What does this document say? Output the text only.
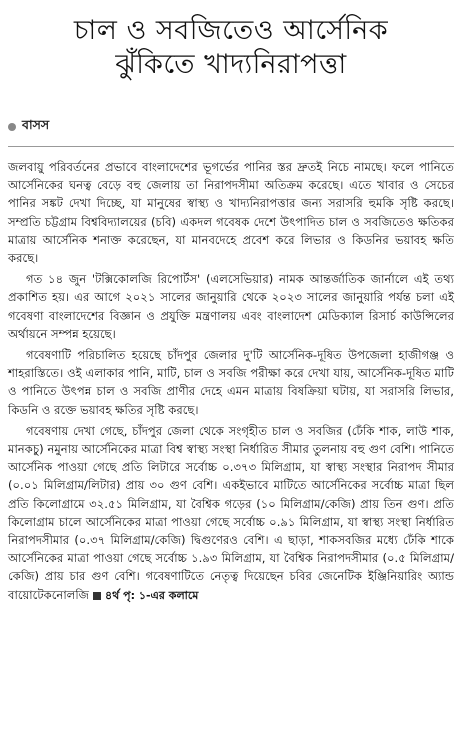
চাল ও সবজিতেও আর্সেনিক
ঝুঁকিতে খাদ্যনিরাপত্তা
বাসস

জলবায়ু পরিবর্তনের প্রভাবে বাংলাদেশের ভূগর্ভের পানির স্তর দ্রুতই নিচে নামছে। ফলে পানিতে আর্সেনিকের ঘনত্ব বেড়ে বহু জেলায় তা নিরাপদসীমা অতিক্রম করেছে। এতে খাবার ও সেচের পানির সঙ্কট দেখা দিচ্ছে, যা মানুষের স্বাস্থ্য ও খাদ্যনিরাপত্তার জন্য সরাসরি হুমকি সৃষ্টি করছে। সম্প্রতি চট্টগ্রাম বিশ্ববিদ্যালয়ের (চবি) একদল গবেষক দেশে উৎপাদিত চাল ও সবজিতেও ক্ষতিকর মাত্রায় আর্সেনিক শনাক্ত করেছেন, যা মানবদেহে প্রবেশ করে লিভার ও কিডনির ভয়াবহ ক্ষতি করছে।

গত ১৪ জুন 'টক্সিকোলজি রিপোর্টস' (এলসেভিয়ার) নামক আন্তর্জাতিক জার্নালে এই তথ্য প্রকাশিত হয়। এর আগে ২০২১ সালের জানুয়ারি থেকে ২০২৩ সালের জানুয়ারি পর্যন্ত চলা এই গবেষণা বাংলাদেশের বিজ্ঞান ও প্রযুক্তি মন্ত্রণালয় এবং বাংলাদেশ মেডিক্যাল রিসার্চ কাউন্সিলের অর্থায়নে সম্পন্ন হয়েছে।

গবেষণাটি পরিচালিত হয়েছে চাঁদপুর জেলার দু'টি আর্সেনিক-দূষিত উপজেলা হাজীগঞ্জ ও শাহরাস্তিতে। ওই এলাকার পানি, মাটি, চাল ও সবজি পরীক্ষা করে দেখা যায়, আর্সেনিক-দূষিত মাটি ও পানিতে উৎপন্ন চাল ও সবজি প্রাণীর দেহে এমন মাত্রায় বিষক্রিয়া ঘটায়, যা সরাসরি লিভার, কিডনি ও রক্তে ভয়াবহ ক্ষতির সৃষ্টি করছে।

গবেষণায় দেখা গেছে, চাঁদপুর জেলা থেকে সংগৃহীত চাল ও সবজির (ঢেঁকি শাক, লাউ শাক, মানকচু) নমুনায় আর্সেনিকের মাত্রা বিশ্ব স্বাস্থ্য সংস্থা নির্ধারিত সীমার তুলনায় বহু গুণ বেশি। পানিতে আর্সেনিক পাওয়া গেছে প্রতি লিটারে সর্বোচ্চ ০.৩৭৩ মিলিগ্রাম, যা স্বাস্থ্য সংস্থার নিরাপদ সীমার (০.০১ মিলিগ্রাম/লিটার) প্রায় ৩০ গুণ বেশি। একইভাবে মাটিতে আর্সেনিকের সর্বোচ্চ মাত্রা ছিল প্রতি কিলোগ্রামে ৩২.৫১ মিলিগ্রাম, যা বৈশ্বিক গড়ের (১০ মিলিগ্রাম/কেজি) প্রায় তিন গুণ। প্রতি কিলোগ্রাম চালে আর্সেনিকের মাত্রা পাওয়া গেছে সর্বোচ্চ ০.৯১ মিলিগ্রাম, যা স্বাস্থ্য সংস্থা নির্ধারিত নিরাপদসীমার (০.৩৭ মিলিগ্রাম/কেজি) দ্বিগুণেরও বেশি। এ ছাড়া, শাকসবজির মধ্যে ঢেঁকি শাকে আর্সেনিকের মাত্রা পাওয়া গেছে সর্বোচ্চ ১.৯৩ মিলিগ্রাম, যা বৈশ্বিক নিরাপদসীমার (০.৫ মিলিগ্রাম/কেজি) প্রায় চার গুণ বেশি। গবেষণাটিতে নেতৃত্ব দিয়েছেন চবির জেনেটিক ইঞ্জিনিয়ারিং অ্যান্ড বায়োটেকনোলজি ৪র্থ পৃ: ১-এর কলামে
